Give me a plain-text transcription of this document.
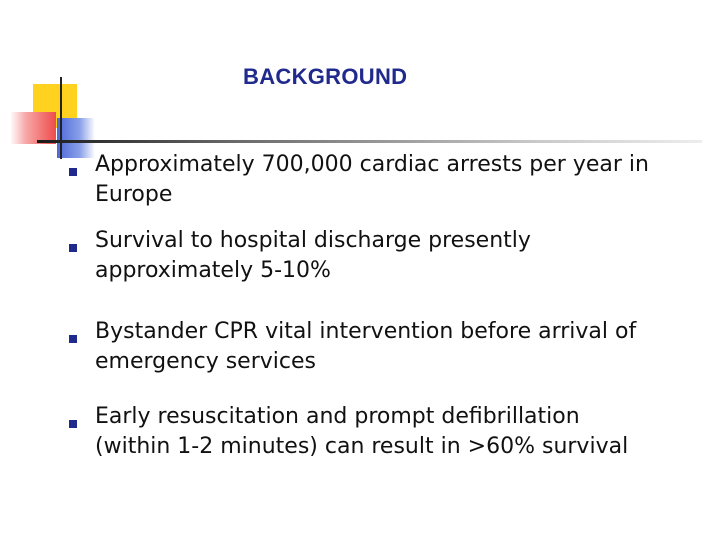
BACKGROUND
Approximately 700,000 cardiac arrests per year in Europe
Survival to hospital discharge presently approximately 5-10%
Bystander CPR vital intervention before arrival of emergency services
Early resuscitation and prompt defibrillation (within 1-2 minutes) can result in >60% survival
